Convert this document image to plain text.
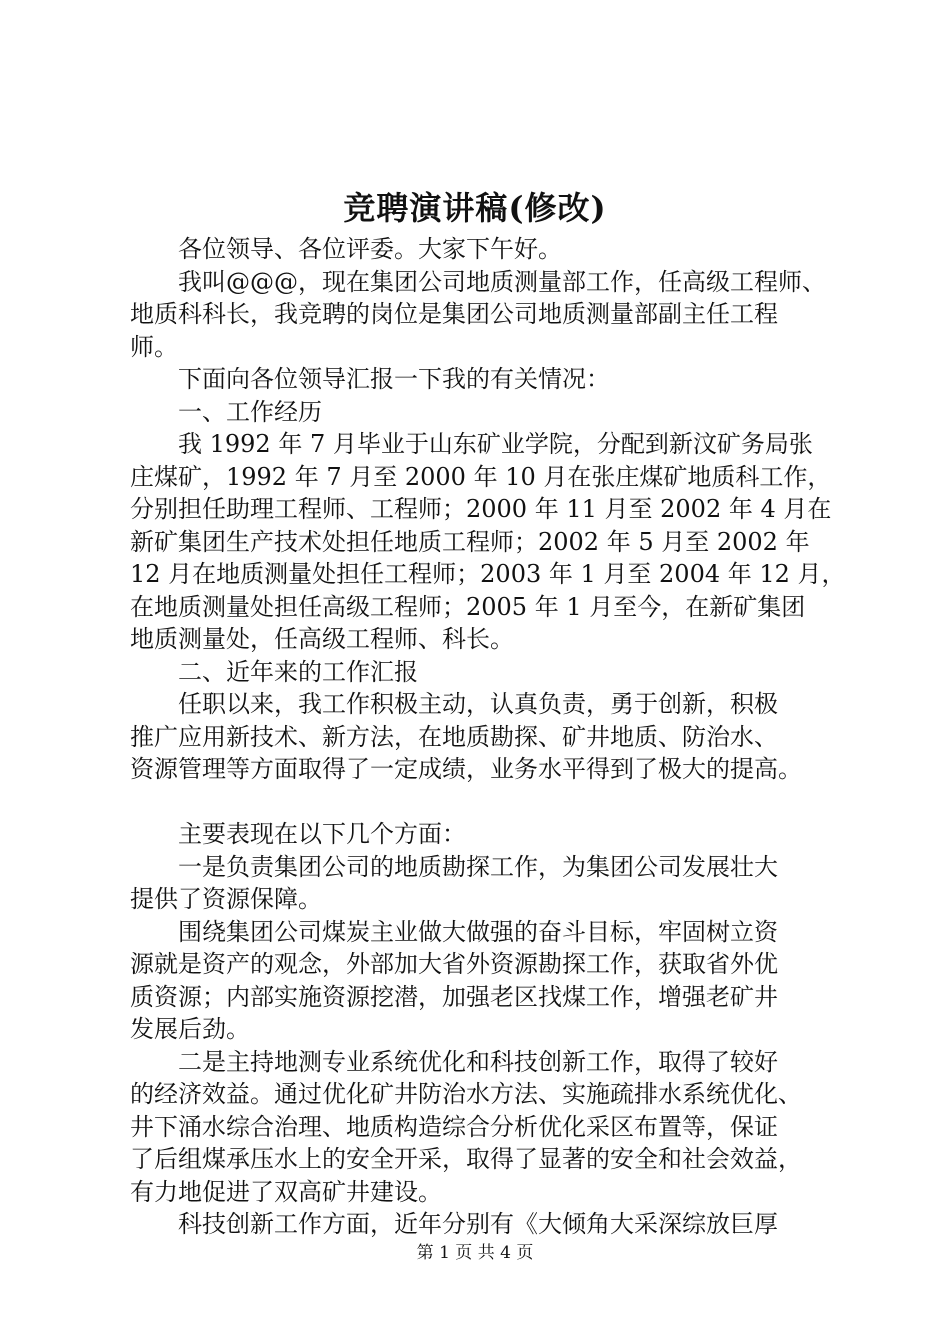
竞聘演讲稿(修改)
各位领导、各位评委。大家下午好。
我叫@@@，现在集团公司地质测量部工作，任高级工程师、
地质科科长，我竞聘的岗位是集团公司地质测量部副主任工程
师。
下面向各位领导汇报一下我的有关情况：
一、工作经历
我 1992 年 7 月毕业于山东矿业学院，分配到新汶矿务局张
庄煤矿，1992 年 7 月至 2000 年 10 月在张庄煤矿地质科工作，
分别担任助理工程师、工程师；2000 年 11 月至 2002 年 4 月在
新矿集团生产技术处担任地质工程师；2002 年 5 月至 2002 年
12 月在地质测量处担任工程师；2003 年 1 月至 2004 年 12 月，
在地质测量处担任高级工程师；2005 年 1 月至今，在新矿集团
地质测量处，任高级工程师、科长。
二、近年来的工作汇报
任职以来，我工作积极主动，认真负责，勇于创新，积极
推广应用新技术、新方法，在地质勘探、矿井地质、防治水、
资源管理等方面取得了一定成绩，业务水平得到了极大的提高。
主要表现在以下几个方面：
一是负责集团公司的地质勘探工作，为集团公司发展壮大
提供了资源保障。
围绕集团公司煤炭主业做大做强的奋斗目标，牢固树立资
源就是资产的观念，外部加大省外资源勘探工作，获取省外优
质资源；内部实施资源挖潜，加强老区找煤工作，增强老矿井
发展后劲。
二是主持地测专业系统优化和科技创新工作，取得了较好
的经济效益。通过优化矿井防治水方法、实施疏排水系统优化、
井下涌水综合治理、地质构造综合分析优化采区布置等，保证
了后组煤承压水上的安全开采，取得了显著的安全和社会效益，
有力地促进了双高矿井建设。
科技创新工作方面，近年分别有《大倾角大采深综放巨厚
第 1 页 共 4 页
